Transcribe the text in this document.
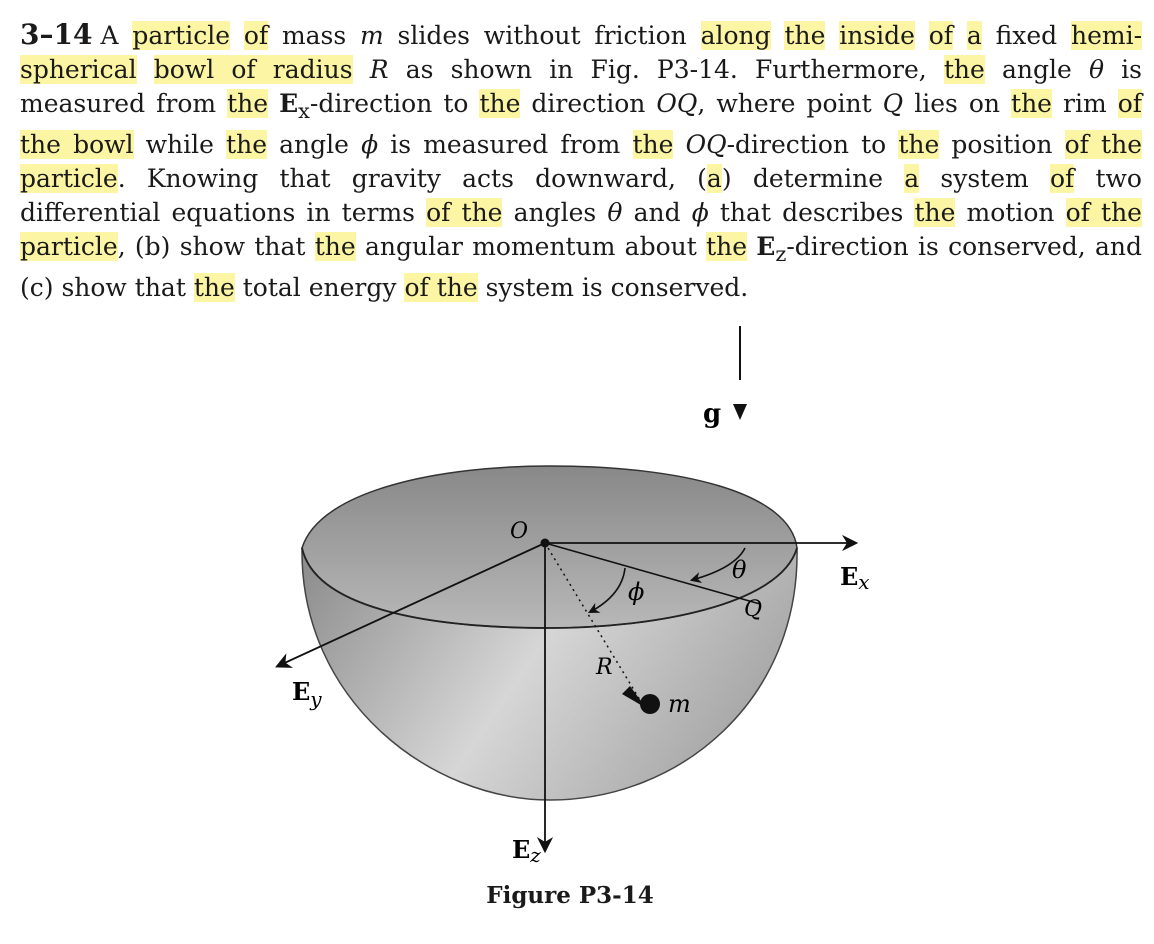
3–14 A particle of mass m slides without friction along the inside of a fixed hemi-spherical bowl of radius R as shown in Fig. P3-14. Furthermore, the angle θ is measured from the $E_x$-direction to the direction OQ, where point Q lies on the rim of the bowl while the angle ϕ is measured from the OQ-direction to the position of the particle. Knowing that gravity acts downward, (a) determine a system of two differential equations in terms of the angles θ and ϕ that describes the motion of the particle, (b) show that the angular momentum about the $E_z$-direction is conserved, and (c) show that the total energy of the system is conserved.
g
Ex
$E_y$
Ez
θ
ϕ
Q
R
O
m
Figure P3-14
